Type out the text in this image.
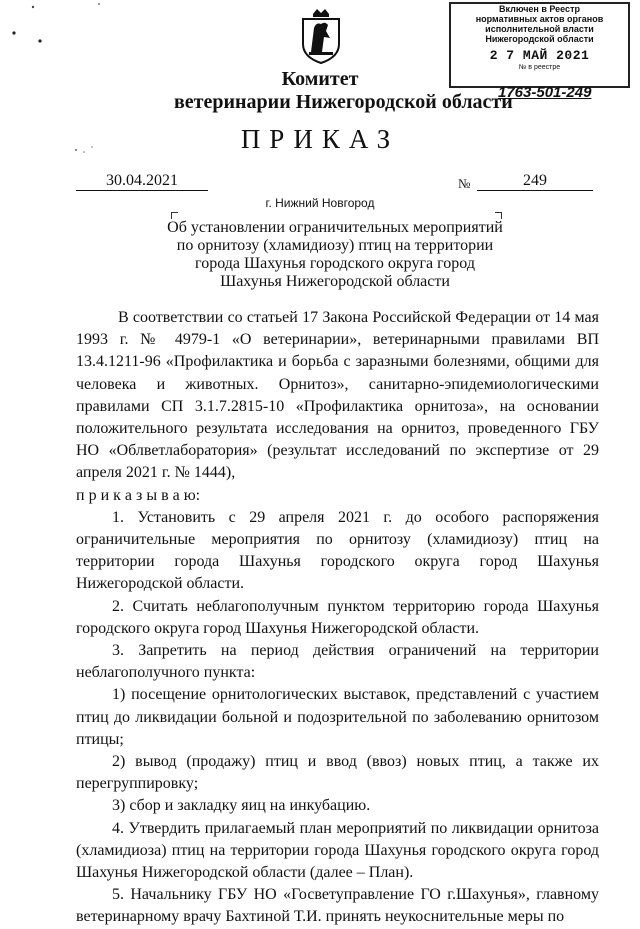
Включен в Реестр
нормативных актов органов
исполнительной власти
Нижегородской области
2 7 МАЙ 2021
№ в реестре
1763-501-249
Комитет
ветеринарии Нижегородской области
ПРИКАЗ
30.04.2021	№	249
г. Нижний Новгород
Об установлении ограничительных мероприятий
по орнитозу (хламидиозу) птиц на территории
города Шахунья городского округа город
Шахунья Нижегородской области

В соответствии со статьей 17 Закона Российской Федерации от 14 мая 1993 г. № 4979-1 «О ветеринарии», ветеринарными правилами ВП 13.4.1211-96 «Профилактика и борьба с заразными болезнями, общими для человека и животных. Орнитоз», санитарно-эпидемиологическими правилами СП 3.1.7.2815-10 «Профилактика орнитоза», на основании положительного результата исследования на орнитоз, проведенного ГБУ НО «Облветлаборатория» (результат исследований по экспертизе от 29 апреля 2021 г. № 1444),

п р и к а з ы в а ю:

1. Установить с 29 апреля 2021 г. до особого распоряжения ограничительные мероприятия по орнитозу (хламидиозу) птиц на территории города Шахунья городского округа город Шахунья Нижегородской области.

2. Считать неблагополучным пунктом территорию города Шахунья городского округа город Шахунья Нижегородской области.

3. Запретить на период действия ограничений на территории неблагополучного пункта:

1) посещение орнитологических выставок, представлений с участием птиц до ликвидации больной и подозрительной по заболеванию орнитозом птицы;

2) вывод (продажу) птиц и ввод (ввоз) новых птиц, а также их перегруппировку;

3) сбор и закладку яиц на инкубацию.

4. Утвердить прилагаемый план мероприятий по ликвидации орнитоза (хламидиоза) птиц на территории города Шахунья городского округа город Шахунья Нижегородской области (далее – План).

5. Начальнику ГБУ НО «Госветуправление ГО г.Шахунья», главному ветеринарному врачу Бахтиной Т.И. принять неукоснительные меры по
